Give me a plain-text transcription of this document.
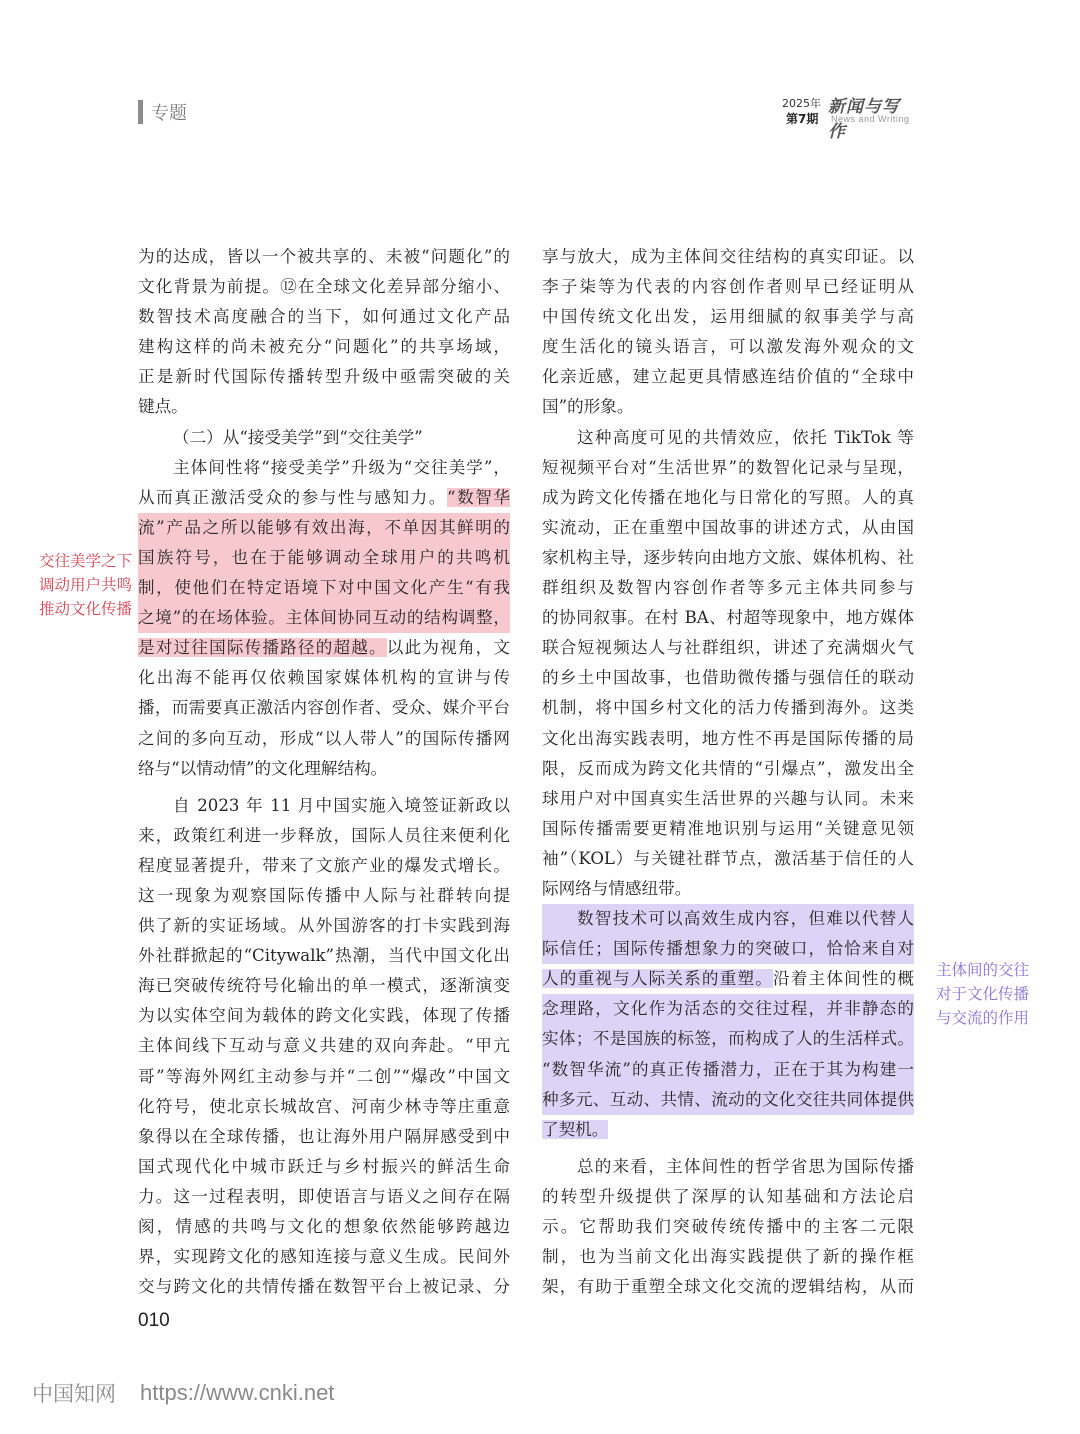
专题	2025年
第7期
新闻与写作
News and Writing
为的达成，皆以一个被共享的、未被“问题化”的
文化背景为前提。⑫在全球文化差异部分缩小、
数智技术高度融合的当下，如何通过文化产品
建构这样的尚未被充分“问题化”的共享场域，
正是新时代国际传播转型升级中亟需突破的关
键点。
（二）从“接受美学”到“交往美学”
主体间性将“接受美学”升级为“交往美学”，
从而真正激活受众的参与性与感知力。“数智华
流”产品之所以能够有效出海，不单因其鲜明的
国族符号，也在于能够调动全球用户的共鸣机
制，使他们在特定语境下对中国文化产生“有我
之境”的在场体验。主体间协同互动的结构调整，
是对过往国际传播路径的超越。以此为视角，文
化出海不能再仅依赖国家媒体机构的宣讲与传
播，而需要真正激活内容创作者、受众、媒介平台
之间的多向互动，形成“以人带人”的国际传播网
络与“以情动情”的文化理解结构。
自 2023 年 11 月中国实施入境签证新政以
来，政策红利进一步释放，国际人员往来便利化
程度显著提升，带来了文旅产业的爆发式增长。
这一现象为观察国际传播中人际与社群转向提
供了新的实证场域。从外国游客的打卡实践到海
外社群掀起的“Citywalk”热潮，当代中国文化出
海已突破传统符号化输出的单一模式，逐渐演变
为以实体空间为载体的跨文化实践，体现了传播
主体间线下互动与意义共建的双向奔赴。“甲亢
哥”等海外网红主动参与并“二创”“爆改”中国文
化符号，使北京长城故宫、河南少林寺等庄重意
象得以在全球传播，也让海外用户隔屏感受到中
国式现代化中城市跃迁与乡村振兴的鲜活生命
力。这一过程表明，即使语言与语义之间存在隔
阂，情感的共鸣与文化的想象依然能够跨越边
界，实现跨文化的感知连接与意义生成。民间外
交与跨文化的共情传播在数智平台上被记录、分
享与放大，成为主体间交往结构的真实印证。以
李子柒等为代表的内容创作者则早已经证明从
中国传统文化出发，运用细腻的叙事美学与高
度生活化的镜头语言，可以激发海外观众的文
化亲近感，建立起更具情感连结价值的“全球中
国”的形象。
这种高度可见的共情效应，依托 TikTok 等
短视频平台对“生活世界”的数智化记录与呈现，
成为跨文化传播在地化与日常化的写照。人的真
实流动，正在重塑中国故事的讲述方式，从由国
家机构主导，逐步转向由地方文旅、媒体机构、社
群组织及数智内容创作者等多元主体共同参与
的协同叙事。在村 BA、村超等现象中，地方媒体
联合短视频达人与社群组织，讲述了充满烟火气
的乡土中国故事，也借助微传播与强信任的联动
机制，将中国乡村文化的活力传播到海外。这类
文化出海实践表明，地方性不再是国际传播的局
限，反而成为跨文化共情的“引爆点”，激发出全
球用户对中国真实生活世界的兴趣与认同。未来
国际传播需要更精准地识别与运用“关键意见领
袖”（KOL）与关键社群节点，激活基于信任的人
际网络与情感纽带。
数智技术可以高效生成内容，但难以代替人
际信任；国际传播想象力的突破口，恰恰来自对
人的重视与人际关系的重塑。沿着主体间性的概
念理路，文化作为活态的交往过程，并非静态的
实体；不是国族的标签，而构成了人的生活样式。
“数智华流”的真正传播潜力，正在于其为构建一
种多元、互动、共情、流动的文化交往共同体提供
了契机。
总的来看，主体间性的哲学省思为国际传播
的转型升级提供了深厚的认知基础和方法论启
示。它帮助我们突破传统传播中的主客二元限
制，也为当前文化出海实践提供了新的操作框
架，有助于重塑全球文化交流的逻辑结构，从而
交往美学之下
调动用户共鸣
推动文化传播
主体间的交往
对于文化传播
与交流的作用
010
中国知网 https://www.cnki.net
